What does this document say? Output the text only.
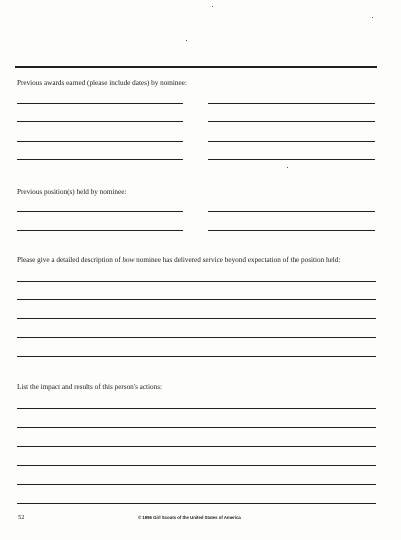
Previous awards earned (please include dates) by nominee:
Previous position(s) held by nominee:
Please give a detailed description of how nominee has delivered service beyond expectation of the position held:
List the impact and results of this person's actions:
52	© 1996 Girl Scouts of the United States of America
